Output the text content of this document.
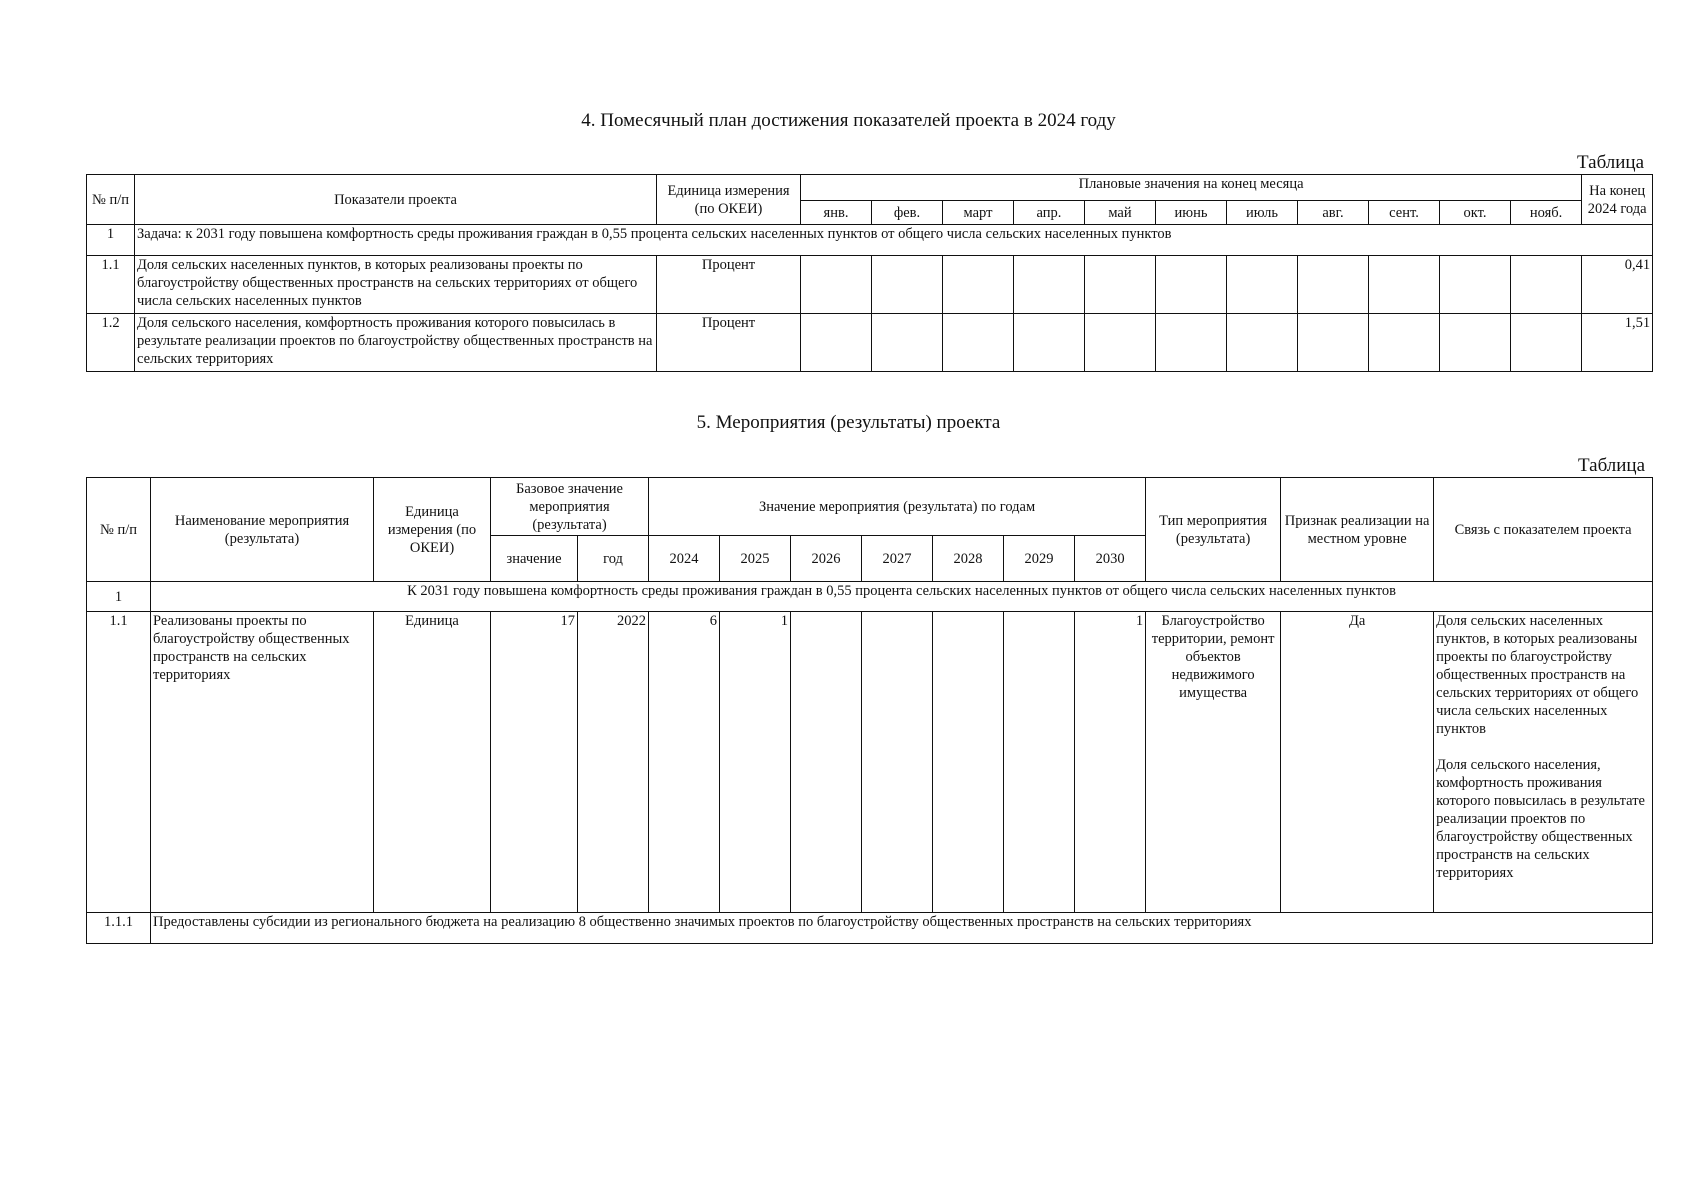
4. Помесячный план достижения показателей проекта в 2024 году
Таблица
№ п/п	Показатели проекта	Единица измерения (по ОКЕИ)	Плановые значения на конец месяца											На конец 2024 года
			янв.	фев.	март	апр.	май	июнь	июль	авг.	сент.	окт.	нояб.	
1	Задача: к 2031 году повышена комфортность среды проживания граждан в 0,55 процента сельских населенных пунктов от общего числа сельских населенных пунктов													
1.1	Доля сельских населенных пунктов, в которых реализованы проекты по благоустройству общественных пространств на сельских территориях от общего числа сельских населенных пунктов	Процент												0,41
1.2	Доля сельского населения, комфортность проживания которого повысилась в результате реализации проектов по благоустройству общественных пространств на сельских территориях	Процент												1,51
5. Мероприятия (результаты) проекта
Таблица
№ п/п	Наименование мероприятия (результата)	Единица измерения (по ОКЕИ)	Базовое значение мероприятия (результата)		Значение мероприятия (результата) по годам							Тип мероприятия (результата)	Признак реализации на местном уровне	Связь с показателем проекта
			значение	год	2024	2025	2026	2027	2028	2029	2030			
1	К 2031 году повышена комфортность среды проживания граждан в 0,55 процента сельских населенных пунктов от общего числа сельских населенных пунктов													
1.1	Реализованы проекты по благоустройству общественных пространств на сельских территориях	Единица	17	2022	6	1					1	Благоустройство территории, ремонт объектов недвижимого имущества	Да	Доля сельских населенных пунктов, в которых реализованы проекты по благоустройству общественных пространств на сельских территориях от общего числа сельских населенных пунктов
Доля сельского населения, комфортность проживания которого повысилась в результате реализации проектов по благоустройству общественных пространств на сельских территориях

1.1.1	Предоставлены субсидии из регионального бюджета на реализацию 8 общественно значимых проектов по благоустройству общественных пространств на сельских территориях													
